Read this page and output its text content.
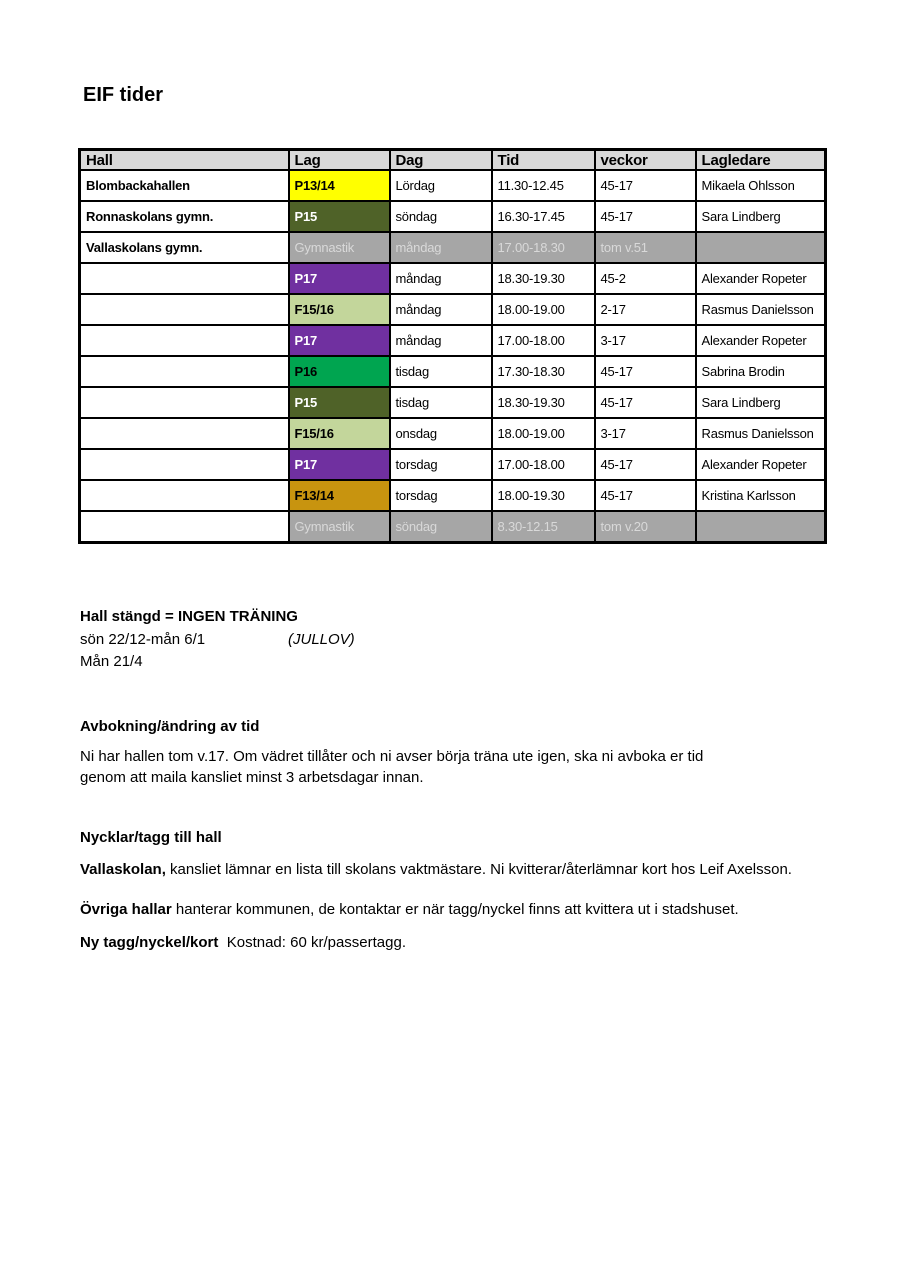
EIF tider
Hall	Lag	Dag	Tid	veckor	Lagledare
Blombackahallen	P13/14	Lördag	11.30-12.45	45-17	Mikaela Ohlsson
Ronnaskolans gymn.	P15	söndag	16.30-17.45	45-17	Sara Lindberg
Vallaskolans gymn.	Gymnastik	måndag	17.00-18.30	tom v.51	
	P17	måndag	18.30-19.30	45-2	Alexander Ropeter
	F15/16	måndag	18.00-19.00	2-17	Rasmus Danielsson
	P17	måndag	17.00-18.00	3-17	Alexander Ropeter
	P16	tisdag	17.30-18.30	45-17	Sabrina Brodin
	P15	tisdag	18.30-19.30	45-17	Sara Lindberg
	F15/16	onsdag	18.00-19.00	3-17	Rasmus Danielsson
	P17	torsdag	17.00-18.00	45-17	Alexander Ropeter
	F13/14	torsdag	18.00-19.30	45-17	Kristina Karlsson
	Gymnastik	söndag	8.30-12.15	tom v.20	
Hall stängd = INGEN TRÄNING
sön 22/12-mån 6/1	(JULLOV)
Mån 21/4
Avbokning/ändring av tid
Ni har hallen tom v.17. Om vädret tillåter och ni avser börja träna ute igen, ska ni avboka er tid
genom att maila kansliet minst 3 arbetsdagar innan.
Nycklar/tagg till hall
Vallaskolan, kansliet lämnar en lista till skolans vaktmästare. Ni kvitterar/återlämnar kort hos Leif Axelsson.
Övriga hallar hanterar kommunen, de kontaktar er när tagg/nyckel finns att kvittera ut i stadshuset.
Ny tagg/nyckel/kort  Kostnad: 60 kr/passertagg.
